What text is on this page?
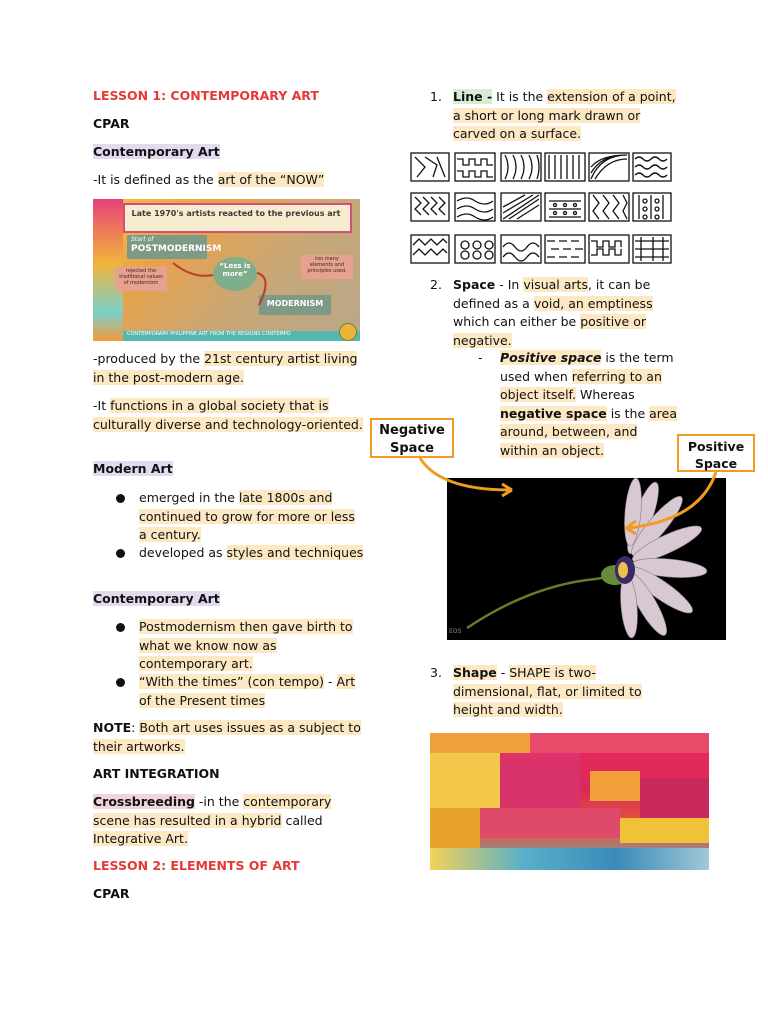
LESSON 1: CONTEMPORARY ART
CPAR
Contemporary Art
-It is defined as the art of the “NOW”
Late 1970's artists reacted to the previous art
Start of
POSTMODERNISM
rejected the traditional values of modernism
“Less is more”
too many elements and principles used.
MODERNISM
CONTEMPORARY PHILIPPINE ART FROM THE REGIONS CONTEMPO
-produced by the 21st century artist living in the post-modern age.
-It functions in a global society that is culturally diverse and technology-oriented.
Modern Art
emerged in the late 1800s and continued to grow for more or less a century.
developed as styles and techniques
Contemporary Art
Postmodernism then gave birth to what we know now as contemporary art.
“With the times” (con tempo) - Art of the Present times
NOTE: Both art uses issues as a subject to their artworks.
ART INTEGRATION
Crossbreeding -in the contemporary scene has resulted in a hybrid called Integrative Art.
LESSON 2: ELEMENTS OF ART
CPAR
1. Line - It is the extension of a point, a short or long mark drawn or carved on a surface.
2. Space - In visual arts, it can be defined as a void, an emptiness which can either be positive or negative.
- Positive space is the term used when referring to an object itself. Whereas negative space is the area around, between, and within an object.
EOS
Negative Space	Positive Space
3. Shape - SHAPE is two-dimensional, flat, or limited to height and width.
